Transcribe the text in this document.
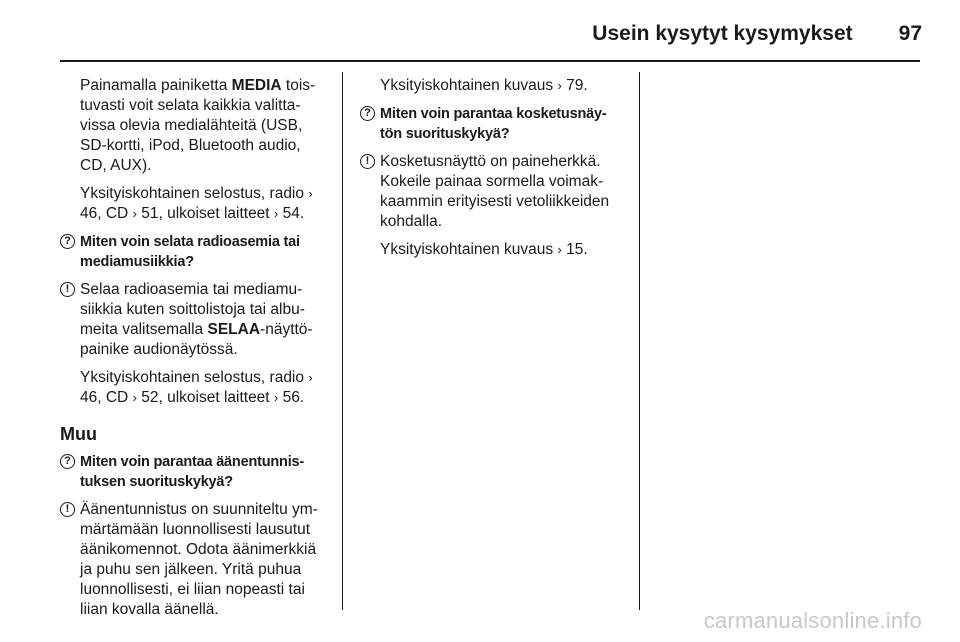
Usein kysytyt kysymykset 97
Painamalla painiketta MEDIA tois-tuvasti voit selata kaikkia valitta-vissa olevia medialähteitä (USB, SD-kortti, iPod, Bluetooth audio, CD, AUX).
Yksityiskohtainen selostus, radio › 46, CD › 51, ulkoiset laitteet › 54.
? Miten voin selata radioasemia tai mediamusiikkia?
! Selaa radioasemia tai mediamu-siikkia kuten soittolistoja tai albu-meita valitsemalla SELAA-näyttö-painike audionäytössä.
Yksityiskohtainen selostus, radio › 46, CD › 52, ulkoiset laitteet › 56.
Muu
? Miten voin parantaa äänentunnis-tuksen suorituskykyä?
! Äänentunnistus on suunniteltu ym-märtämään luonnollisesti lausutut äänikomennot. Odota äänimerkkiä ja puhu sen jälkeen. Yritä puhua luonnollisesti, ei liian nopeasti tai liian kovalla äänellä.
Yksityiskohtainen kuvaus › 79.
? Miten voin parantaa kosketusnäy-tön suorituskykyä?
! Kosketusnäyttö on paineherkkä. Kokeile painaa sormella voimak-kaammin erityisesti vetoliikkeiden kohdalla.
Yksityiskohtainen kuvaus › 15.
carmanualsonline.info
